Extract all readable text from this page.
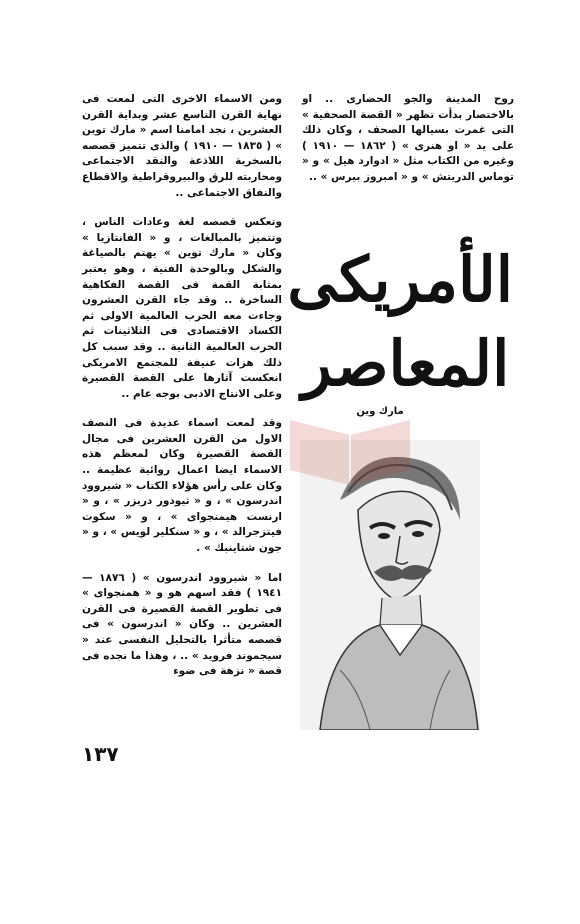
روح المدينة والجو الحضارى .. او بالاختصار بدأت تظهر « القصة الصحفية » التى غمرت بسيالها الصحف ، وكان ذلك على يد « او هنرى » ( ١٨٦٢ — ١٩١٠ ) وغيره من الكتاب مثل « ادوارد هيل » و « توماس الدريتش » و « امبروز بيرس » ..

الأمريكى
المعاصر
مارك وين

ومن الاسماء الاخرى التى لمعت فى نهاية القرن التاسع عشر وبداية القرن العشرين ، نجد امامنا اسم « مارك توين » ( ١٨٣٥ — ١٩١٠ ) والذى تتميز قصصه بالسخرية اللاذعة والنقد الاجتماعى ومحاربته للرق والبيروقراطية والاقطاع والنفاق الاجتماعى ..

وتعكس قصصه لغة وعادات الناس ، وتتميز بالمبالغات ، و « الفانتازيا » وكان « مارك توين » يهتم بالصياغة والشكل وبالوحدة الفنية ، وهو يعتبر بمثابة القمة فى القصة الفكاهية الساخرة .. وقد جاء القرن العشرون وجاءت معه الحرب العالمية الاولى ثم الكساد الاقتصادى فى الثلاثينات ثم الحرب العالمية الثانية .. وقد سبب كل ذلك هزات عنيفة للمجتمع الامريكى انعكست آثارها على القصة القصيرة وعلى الانتاج الادبى بوجه عام ..

وقد لمعت اسماء عديدة فى النصف الاول من القرن العشرين فى مجال القصة القصيرة وكان لمعظم هذه الاسماء ايضا اعمال روائية عظيمة .. وكان على رأس هؤلاء الكتاب « شيروود اندرسون » ، و « ثيودور دريزر » ، و « ارنست هيمنجواى » ، و « سكوت فيتزجرالد » ، و « سنكلير لويس » ، و « جون شتاينبك » .

اما « شيروود اندرسون » ( ١٨٧٦ — ١٩٤١ ) فقد اسهم هو و « همنجواى » فى تطوير القصة القصيرة فى القرن العشرين .. وكان « اندرسون » فى قصصه متأثرا بالتحليل النفسى عند « سيجموند فرويد » .. ، وهذا ما نجده فى قصة « نزهة فى ضوء

١٣٧
